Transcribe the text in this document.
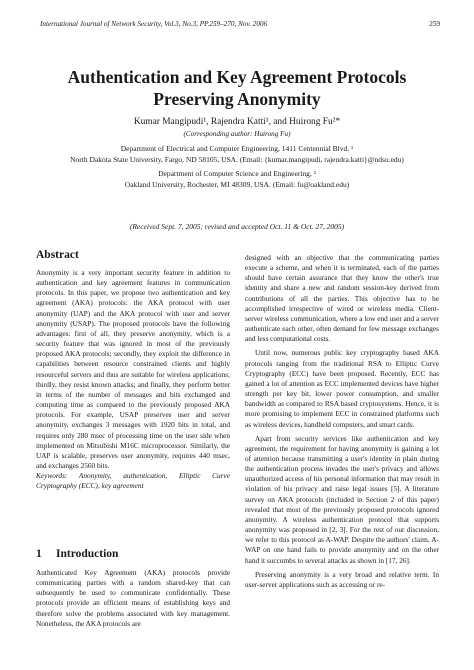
International Journal of Network Security, Vol.3, No.3, PP.259–270, Nov. 2006	259
Authentication and Key Agreement Protocols
Preserving Anonymity
Kumar Mangipudi¹, Rajendra Katti¹, and Huirong Fu²*
(Corresponding author: Huirong Fu)
Department of Electrical and Computer Engineering, 1411 Centennial Blvd. ¹
North Dakota State University, Fargo, ND 58105, USA. (Email: {kumar.mangipudi, rajendra.katti}@ndsu.edu)
Department of Computer Science and Engineering, ²
Oakland University, Rochester, MI 48309, USA. (Email: fu@oakland.edu)
(Received Sept. 7, 2005; revised and accepted Oct. 11 & Oct. 27, 2005)
Abstract

Anonymity is a very important security feature in addition to authentication and key agreement features in communication protocols. In this paper, we propose two authentication and key agreement (AKA) protocols: the AKA protocol with user anonymity (UAP) and the AKA protocol with user and server anonymity (USAP). The proposed protocols have the following advantages: first of all, they preserve anonymity, which is a security feature that was ignored in most of the previously proposed AKA protocols; secondly, they exploit the difference in capabilities between resource constrained clients and highly resourceful servers and thus are suitable for wireless applications; thirdly, they resist known attacks; and finally, they perform better in terms of the number of messages and bits exchanged and computing time as compared to the previously proposed AKA protocols. For example, USAP preserves user and server anonymity, exchanges 3 messages with 1920 bits in total, and requires only 280 msec of processing time on the user side when implemented on Mitsubishi M16C microprocessor. Similarly, the UAP is scalable, preserves user anonymity, requires 440 msec, and exchanges 2560 bits.

Keywords: Anonymity, authentication, Elliptic Curve Cryptography (ECC), key agreement

1 Introduction

Authenticated Key Agreement (AKA) protocols provide communicating parties with a random shared-key that can subsequently be used to communicate confidentially. These protocols provide an efficient means of establishing keys and therefore solve the problems associated with key management. Nonetheless, the AKA protocols are

designed with an objective that the communicating parties execute a scheme, and when it is terminated, each of the parties should have certain assurance that they know the other's true identity and share a new and random session-key derived from contributions of all the parties. This objective has to be accomplished irrespective of wired or wireless media. Client-server wireless communication, where a low end user and a server authenticate each other, often demand for few message exchanges and less computational costs.

Until now, numerous public key cryptography based AKA protocols ranging from the traditional RSA to Elliptic Curve Cryptography (ECC) have been proposed. Recently, ECC has gained a lot of attention as ECC implemented devices have higher strength per key bit, lower power consumption, and smaller bandwidth as compared to RSA based cryptosystems. Hence, it is more promising to implement ECC in constrained platforms such as wireless devices, handheld computers, and smart cards.

Apart from security services like authentication and key agreement, the requirement for having anonymity is gaining a lot of attention because transmitting a user's identity in plain during the authentication process invades the user's privacy and allows unauthorized access of his personal information that may result in violation of his privacy and raise legal issues [5]. A literature survey on AKA protocols (included in Section 2 of this paper) revealed that most of the previously proposed protocols ignored anonymity. A wireless authentication protocol that supports anonymity was proposed in [2, 3]. For the rest of our discussion, we refer to this protocol as A-WAP. Despite the authors' claim, A-WAP on one hand fails to provide anonymity and on the other hand it succumbs to several attacks as shown in [17, 26].

Preserving anonymity is a very broad and relative term. In user-server applications such as accessing or re-
